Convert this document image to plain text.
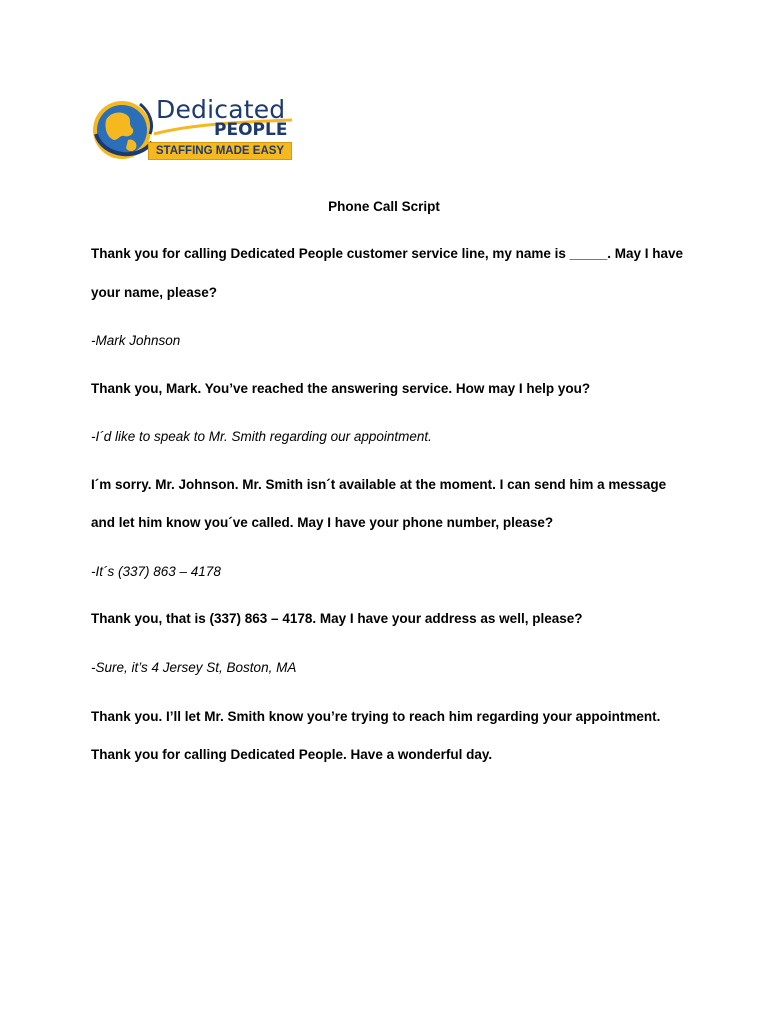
Dedicated
PEOPLE
STAFFING MADE EASY
Phone Call Script
Thank you for calling Dedicated People customer service line, my name is _____. May I have
your name, please?
-Mark Johnson
Thank you, Mark. You’ve reached the answering service. How may I help you?
-I´d like to speak to Mr. Smith regarding our appointment.
I´m sorry. Mr. Johnson. Mr. Smith isn´t available at the moment. I can send him a message
and let him know you´ve called. May I have your phone number, please?
-It´s (337) 863 – 4178
Thank you, that is (337) 863 – 4178. May I have your address as well, please?
-Sure, it’s 4 Jersey St, Boston, MA
Thank you. I’ll let Mr. Smith know you’re trying to reach him regarding your appointment.
Thank you for calling Dedicated People. Have a wonderful day.
